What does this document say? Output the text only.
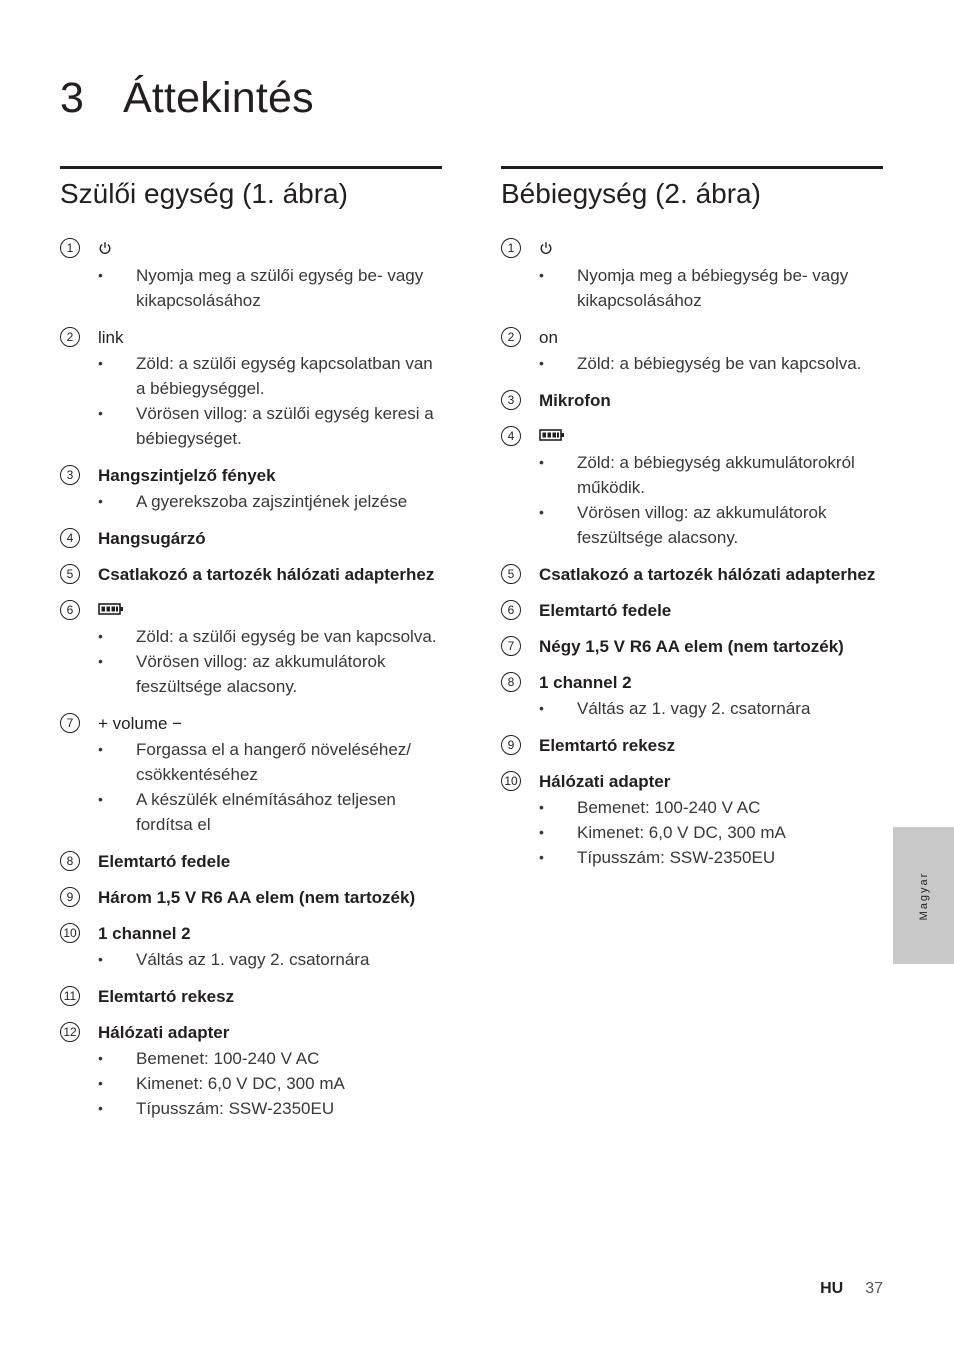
3 Áttekintés
Szülői egység (1. ábra)
1
• Nyomja meg a szülői egység be- vagy kikapcsolásához
2	link
• Zöld: a szülői egység kapcsolatban van a bébiegységgel.
• Vörösen villog: a szülői egység keresi a bébiegységet.
3	Hangszintjelző fények
• A gyerekszoba zajszintjének jelzése
4	Hangsugárzó
5	Csatlakozó a tartozék hálózati adapterhez
6
• Zöld: a szülői egység be van kapcsolva.
• Vörösen villog: az akkumulátorok feszültsége alacsony.
7	+ volume −
• Forgassa el a hangerő növeléséhez/ csökkentéséhez
• A készülék elnémításához teljesen fordítsa el
8	Elemtartó fedele
9	Három 1,5 V R6 AA elem (nem tartozék)
10 1 channel 2
• Váltás az 1. vagy 2. csatornára
11 Elemtartó rekesz
12 Hálózati adapter
• Bemenet: 100-240 V AC
• Kimenet: 6,0 V DC, 300 mA
• Típusszám: SSW-2350EU
Bébiegység (2. ábra)
1
• Nyomja meg a bébiegység be- vagy kikapcsolásához
2	on
• Zöld: a bébiegység be van kapcsolva.
3	Mikrofon
4
• Zöld: a bébiegység akkumulátorokról működik.
• Vörösen villog: az akkumulátorok feszültsége alacsony.
5	Csatlakozó a tartozék hálózati adapterhez
6	Elemtartó fedele
7	Négy 1,5 V R6 AA elem (nem tartozék)
8	1 channel 2
• Váltás az 1. vagy 2. csatornára
9	Elemtartó rekesz
10 Hálózati adapter
• Bemenet: 100-240 V AC
• Kimenet: 6,0 V DC, 300 mA
• Típusszám: SSW-2350EU
Magyar
HU 37
